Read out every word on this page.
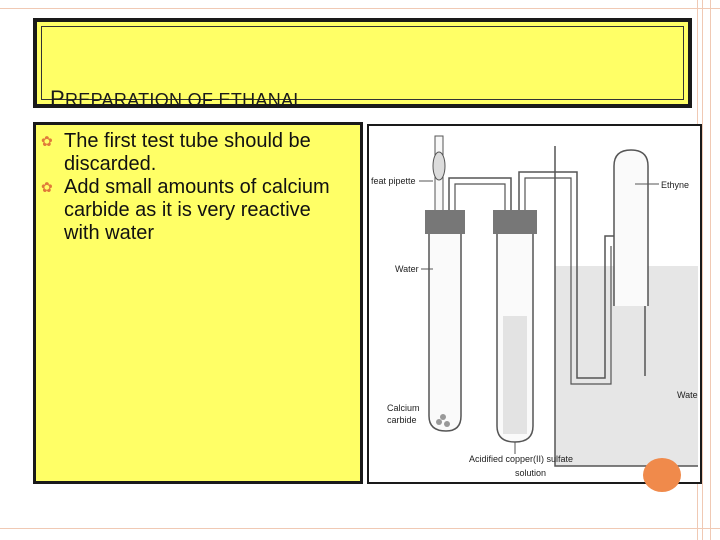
PREPARATION OF ETHANAL
✿ The first test tube should be discarded.
✿ Add small amounts of calcium carbide as it is very reactive with water
feat pipette	Ethyne
Water
Wate
Calcium
carbide
Acidified copper(II) sulfate
solution
